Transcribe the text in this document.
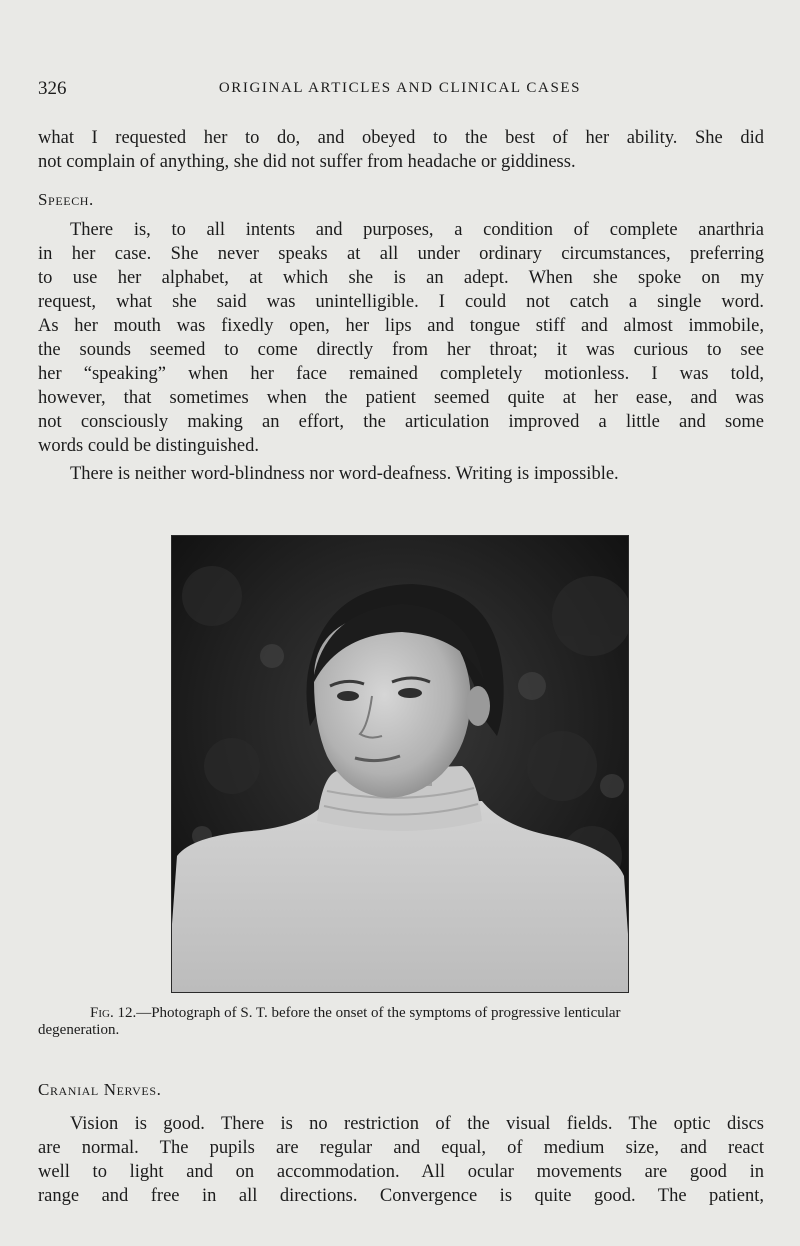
326	ORIGINAL ARTICLES AND CLINICAL CASES

what I requested her to do, and obeyed to the best of her ability. She did
not complain of anything, she did not suffer from headache or giddiness.

Speech.

There is, to all intents and purposes, a condition of complete anarthria
in her case. She never speaks at all under ordinary circumstances, preferring
to use her alphabet, at which she is an adept. When she spoke on my
request, what she said was unintelligible. I could not catch a single word.
As her mouth was fixedly open, her lips and tongue stiff and almost immobile,
the sounds seemed to come directly from her throat; it was curious to see
her “speaking” when her face remained completely motionless. I was told,
however, that sometimes when the patient seemed quite at her ease, and was
not consciously making an effort, the articulation improved a little and some
words could be distinguished.

There is neither word-blindness nor word-deafness. Writing is impossible.

Fig. 12.—Photograph of S. T. before the onset of the symptoms of progressive lenticular
degeneration.
Cranial Nerves.

Vision is good. There is no restriction of the visual fields. The optic discs
are normal. The pupils are regular and equal, of medium size, and react
well to light and on accommodation. All ocular movements are good in
range and free in all directions. Convergence is quite good. The patient,
